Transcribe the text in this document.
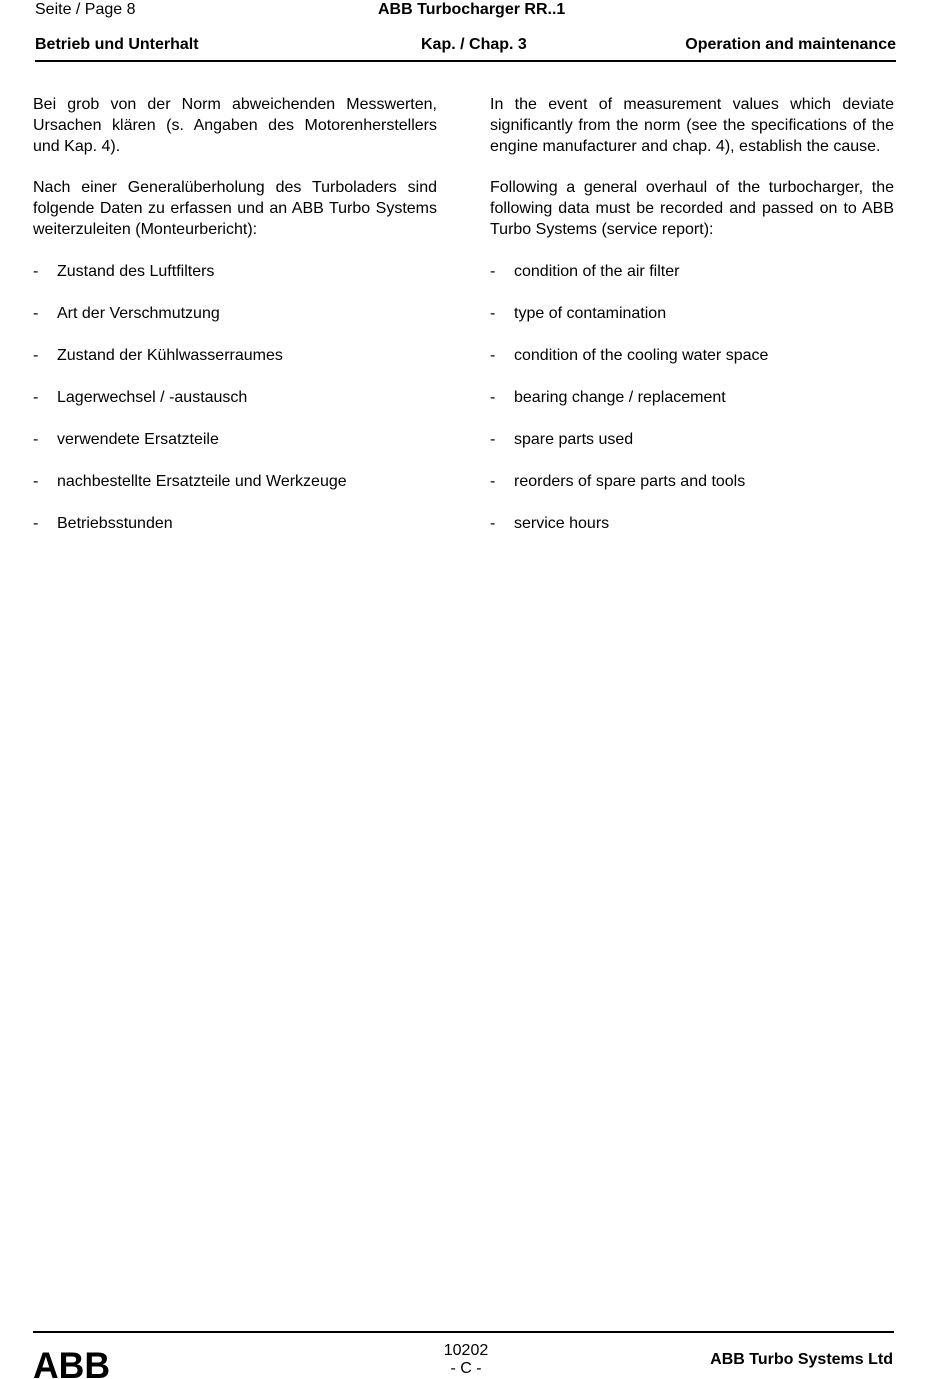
Seite / Page 8	ABB Turbocharger RR..1
Betrieb und Unterhalt	Kap. / Chap. 3	Operation and maintenance

Bei grob von der Norm abweichenden Messwerten, Ursachen klären (s. Angaben des Motorenherstellers und Kap. 4).

Nach einer Generalüberholung des Turboladers sind folgende Daten zu erfassen und an ABB Turbo Systems weiterzuleiten (Monteurbericht):

- Zustand des Luftfilters
- Art der Verschmutzung
- Zustand der Kühlwasserraumes
- Lagerwechsel / -austausch
- verwendete Ersatzteile
- nachbestellte Ersatzteile und Werkzeuge
- Betriebsstunden

In the event of measurement values which deviate significantly from the norm (see the specifications of the engine manufacturer and chap. 4), establish the cause.

Following a general overhaul of the turbocharger, the following data must be recorded and passed on to ABB Turbo Systems (service report):

- condition of the air filter
- type of contamination
- condition of the cooling water space
- bearing change / replacement
- spare parts used
- reorders of spare parts and tools
- service hours
ABB	10202
- C -
ABB Turbo Systems Ltd
